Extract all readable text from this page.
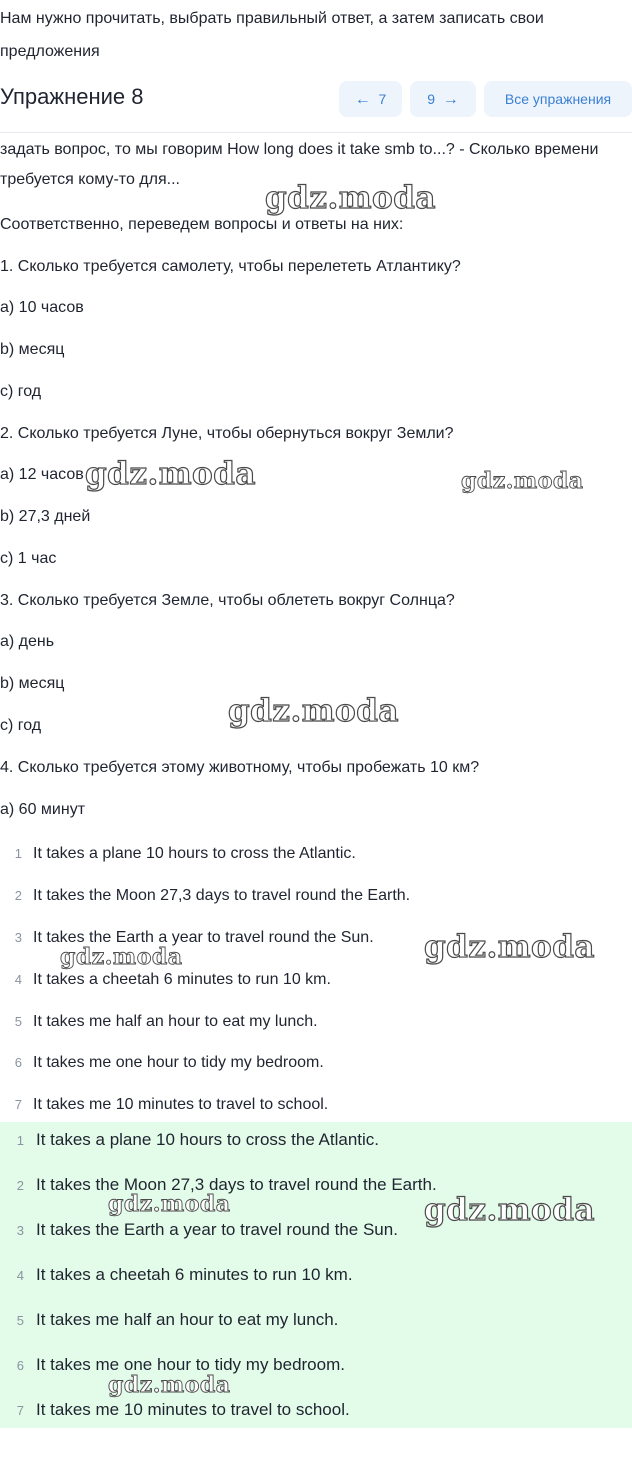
Нам нужно прочитать, выбрать правильный ответ, а затем записать свои предложения
Упражнение 8	← 7	9 →	Все упражнения

задать вопрос, то мы говорим How long does it take smb to...? - Сколько времени требуется кому-то для...

Соответственно, переведем вопросы и ответы на них:

1. Сколько требуется самолету, чтобы перелететь Атлантику?

a) 10 часов

b) месяц

c) год

2. Сколько требуется Луне, чтобы обернуться вокруг Земли?

a) 12 часов

b) 27,3 дней

c) 1 час

3. Сколько требуется Земле, чтобы облететь вокруг Солнца?

a) день

b) месяц

c) год

4. Сколько требуется этому животному, чтобы пробежать 10 км?

a) 60 минут

1 It takes a plane 10 hours to cross the Atlantic.
2 It takes the Moon 27,3 days to travel round the Earth.
3 It takes the Earth a year to travel round the Sun.
4 It takes a cheetah 6 minutes to run 10 km.
5 It takes me half an hour to eat my lunch.
6 It takes me one hour to tidy my bedroom.
7 It takes me 10 minutes to travel to school.
1 It takes a plane 10 hours to cross the Atlantic.
2 It takes the Moon 27,3 days to travel round the Earth.
3 It takes the Earth a year to travel round the Sun.
4 It takes a cheetah 6 minutes to run 10 km.
5 It takes me half an hour to eat my lunch.
6 It takes me one hour to tidy my bedroom.
7 It takes me 10 minutes to travel to school.
gdz.moda
gdz.moda	gdz.moda
gdz.moda
gdz.moda
gdz.moda
gdz.moda	gdz.moda
gdz.moda
